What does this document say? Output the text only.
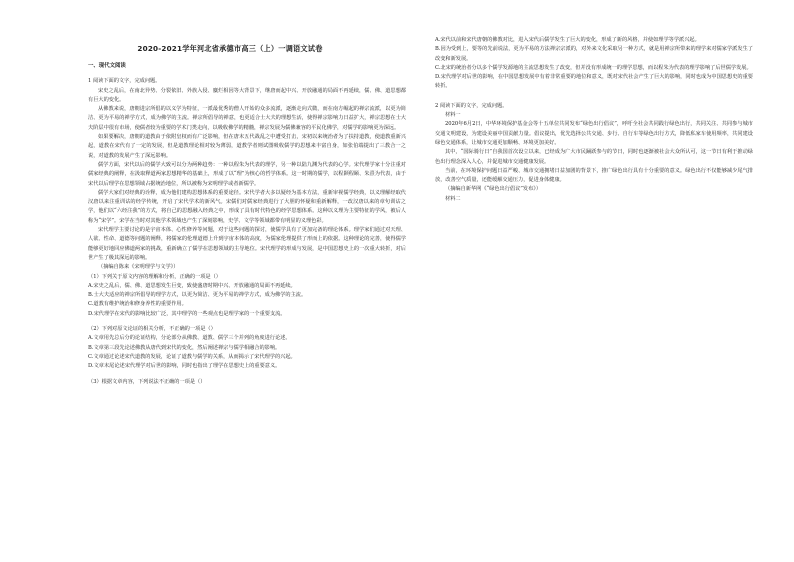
2020-2021学年河北省承德市高三（上）一调语文试卷

一、现代文阅读

1 阅读下面的文字，完成问题。

宋史之乱后，在南北异势、分裂依旧、外族入侵、麋烂相因等大背景下，继唐而起中兴、开放融通的局面不再延续，儒、佛、道思想都有巨大的变化。

从佛教来说，唐朝进宗所倡的以义学为特征，一派最优秀的僧人开始的众多流派，逐渐走向式微，而在南方崛起的禅宗流派，以更为简洁、更为平易的禅学方式，成为佛学的主流。禅宗所倡导的禅意，也更适合士大夫的理想生活，使得禅宗影响力日益扩大，禅宗思想在士大夫阶层中很有市场，使儒者较为重要的学术门类走向，以吸收佛学的精髓，禅宗发展为儒佛兼容的平民化佛学，对儒学的影响更为深远。

如果要解决，唐朝的道教由于依附皇权而有广泛影响，但在唐末五代战乱之中遭受打击，宋初以来统治者为了扶持道教，使道教重新兴起，道教在宋代有了一定的发展，但是道教理论相对较为薄弱，道教学者则试图吸收儒学的思想来丰富自身，如张伯端提出了三教合一之说，对道教的发展产生了深远影响。

儒学方面，宋代以后的儒学大致可以分为两种趋势：一种以程朱为代表的理学，另一种以陆九渊为代表的心学。宋代理学家十分注重对儒家经典的阐释，在汲取释道两家思想精华的基础上，形成了以“理”为核心的哲学体系。这一时期的儒学，以程颢程颐、朱熹为代表，由于宋代以后理学在思想领域占据统治地位，所以被称为宋明理学或者新儒学。

儒学大家们对经典的诠释，成为他们建构思想体系的重要途径。宋代学者大多以疑经为基本方法，重新审视儒学经典，以义理解经取代汉唐以来注重训诂的经学传统，开启了宋代学术的新风气。宋儒们对儒家经典进行了大胆的怀疑和重新解释，一改汉唐以来的章句训诂之学，他们以“六经注我”的方式，将自己的思想融入经典之中，形成了具有时代特色的经学思想体系。这种以义理为主要特征的学风，被后人称为“宋学”。宋学在当时对其他学术领域也产生了深刻影响，史学、文学等领域都带有明显的义理色彩。

宋代理学主要讨论的是宇宙本体、心性修养等问题，对于这些问题的探讨，使儒学具有了更加完备的理论体系。理学家们通过对天理、人欲、性命、道德等问题的阐释，将儒家的伦理道德上升到宇宙本体的高度，为儒家伦理提供了形而上的依据。这种理论的完善，使得儒学能够更好地回应佛道两家的挑战，重新确立了儒学在思想领域的主导地位。宋代理学的形成与发展，是中国思想史上的一次重大转折，对后世产生了极其深远的影响。

（摘编自陈来《宋明理学与文学》）

（1）下列关于原文内容的理解和分析，正确的一项是（）

A.宋史之乱后，儒、佛、道思想发生巨变，致使盛唐时期中兴、开放融通的局面不再延续。

B.士大夫适应的禅宗所倡导的理学方式，以更为简洁、更为平易的禅学方式，成为佛学的主流。

C.道教有维护统治和修身养性的重要作用。

D.宋代理学在宋代的影响比较广泛，其中理学的一些观点也是理学家的一个重要支流。

（2）下列对原文论证的相关分析，不正确的一项是（）

A.文章用先总后分的论证结构，分论部分从佛教、道教、儒学三个并列的角度进行论述。

B.文章第三段先论述佛教从唐代到宋代的变化，然后阐述禅宗与儒学相融合的影响。

C.文章通过论述宋代道教的发展，论证了道教与儒学的关系，从而揭示了宋代理学的兴起。

D.文章末尾论述宋代理学对后世的影响，同时也指出了理学在思想史上的重要意义。

（3）根据文章内容，下列说法不正确的一项是（）

A.宋代以前和宋代唐朝的佛教对比，进入宋代后儒学发生了巨大的变化，形成了新的风格，并使如理学等学派兴起。

B.因为受到上，要等的先前说法，更为平易的方法禅宗宗派的，对外来文化采取另一种方式，就是用禅宗所带来的理学来对儒家学派发生了改变和新发展。

C.北宋的统治者分以多个儒学发源地的主流思想发生了改变，但并没有形成统一的理学思想，而以程朱为代表的理学影响了后世儒学发展。

D.宋代理学对后世的影响，在中国思想发展中有着非常重要的地位和意义，既对宋代社会产生了巨大的影响，同时也成为中国思想史的重要转折。

2 阅读下面的文字，完成问题。

材料一

2020年6月2日，中华环境保护基金会等十五单位共同发布“绿色出行倡议”，呼吁全社会共同践行绿色出行，共同关注、共同参与城市交通文明建设，为建设美丽中国贡献力量。倡议提出，优先选择公共交通、步行、自行车等绿色出行方式，降低私家车使用频率，共同建设绿色交通体系，让城市交通更加顺畅、环境更加美好。

其中，“国际骑行日”自我国首次设立以来，已经成为广大市民踊跃参与的节日，同时也逐渐被社会大众所认可，这一节日有利于推动绿色出行理念深入人心，并促进城市交通健康发展。

当前，在环境保护问题日益严峻、城市交通拥堵日益加剧的背景下，推广绿色出行具有十分重要的意义。绿色出行不仅能够减少尾气排放，改善空气质量，还能缓解交通压力，促进身体健康。

（摘编自新华网《“绿色出行倡议”发布》）

材料二
